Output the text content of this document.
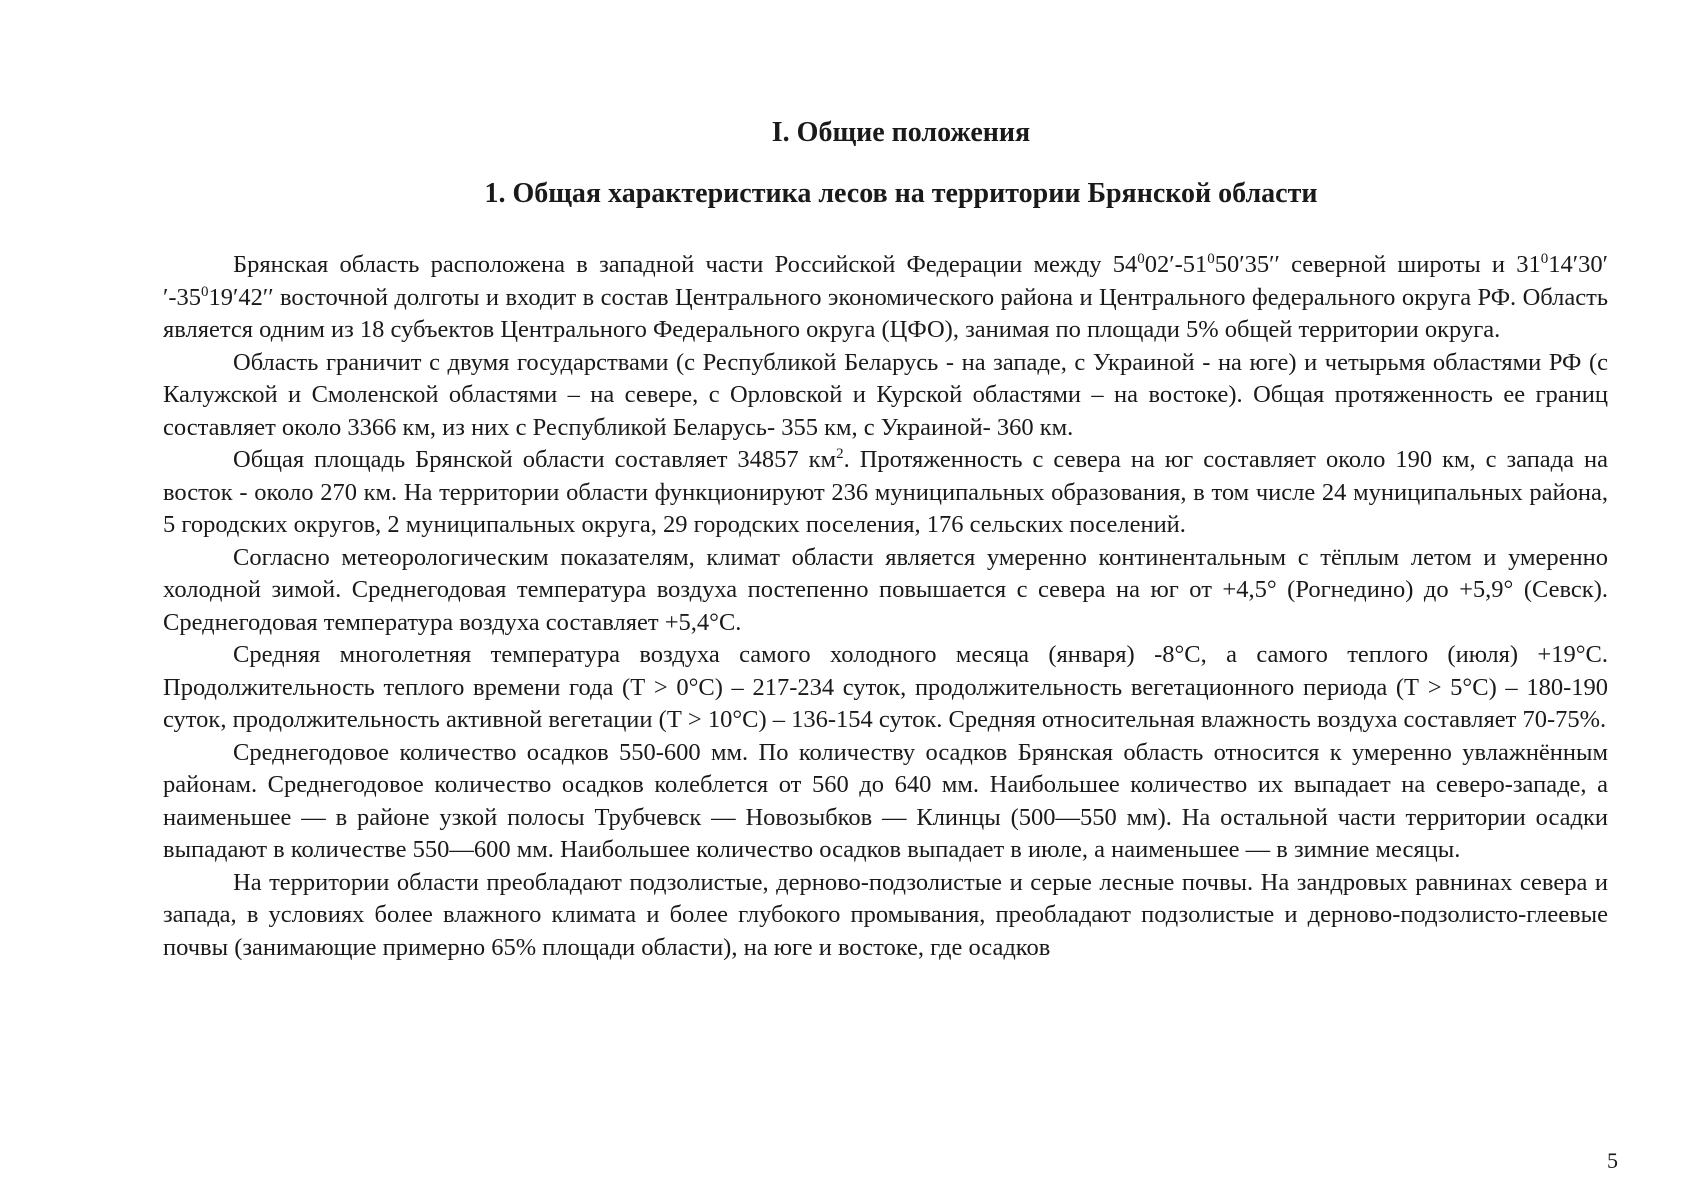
I. Общие положения
1. Общая характеристика лесов на территории Брянской области

Брянская область расположена в западной части Российской Федерации между $54^002'-51^050'35''$ северной широты и $31^014'30''-35^019'42''$ восточной долготы и входит в состав Центрального экономического района и Центрального федерального округа РФ. Область является одним из 18 субъектов Центрального Федерального округа (ЦФО), занимая по площади 5% общей территории округа.

Область граничит с двумя государствами (с Республикой Беларусь - на западе, с Украиной - на юге) и четырьмя областями РФ (с Калужской и Смоленской областями – на севере, с Орловской и Курской областями – на востоке). Общая протяженность ее границ составляет около 3366 км, из них с Республикой Беларусь- 355 км, с Украиной- 360 км.

Общая площадь Брянской области составляет 34857 $км^2$. Протяженность с севера на юг составляет около 190 км, с запада на восток - около 270 км. На территории области функционируют 236 муниципальных образования, в том числе 24 муниципальных района, 5 городских округов, 2 муниципальных округа, 29 городских поселения, 176 сельских поселений.

Согласно метеорологическим показателям, климат области является умеренно континентальным с тёплым летом и умеренно холодной зимой. Среднегодовая температура воздуха постепенно повышается с севера на юг от +4,5° (Рогнедино) до +5,9° (Севск). Среднегодовая температура воздуха составляет +5,4°С.

Средняя многолетняя температура воздуха самого холодного месяца (января) -8°С, а самого теплого (июля) +19°С. Продолжительность теплого времени года (Т > 0°С) – 217-234 суток, продолжительность вегетационного периода (Т > 5°С) – 180-190 суток, продолжительность активной вегетации (Т > 10°С) – 136-154 суток. Средняя относительная влажность воздуха составляет 70-75%.

Среднегодовое количество осадков 550-600 мм. По количеству осадков Брянская область относится к умеренно увлажнённым районам. Среднегодовое количество осадков колеблется от 560 до 640 мм. Наибольшее количество их выпадает на северо-западе, а наименьшее — в районе узкой полосы Трубчевск — Новозыбков — Клинцы (500—550 мм). На остальной части территории осадки выпадают в количестве 550—600 мм. Наибольшее количество осадков выпадает в июле, а наименьшее — в зимние месяцы.

На территории области преобладают подзолистые, дерново-подзолистые и серые лесные почвы. На зандровых равнинах севера и запада, в условиях более влажного климата и более глубокого промывания, преобладают подзолистые и дерново-подзолисто-глеевые почвы (занимающие примерно 65% площади области), на юге и востоке, где осадков

5
